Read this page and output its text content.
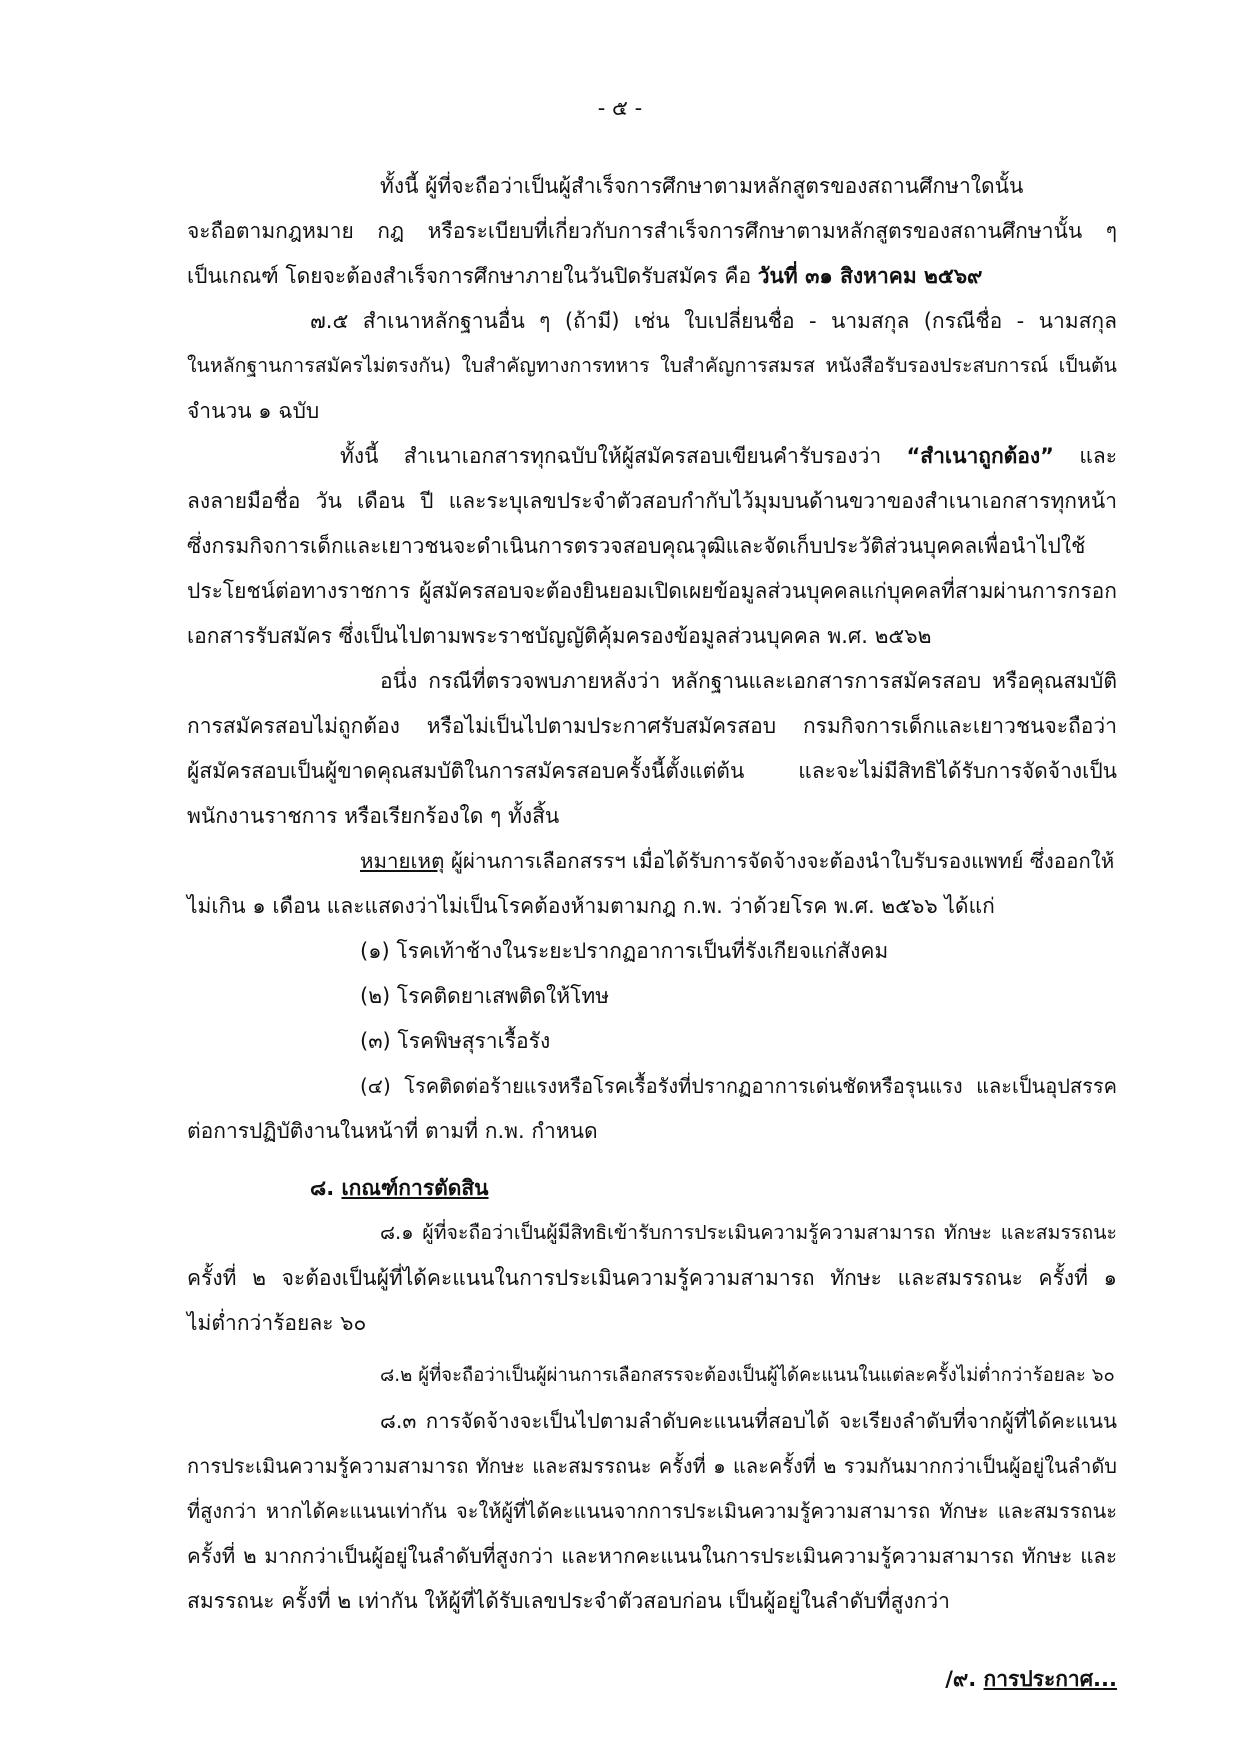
- ๕ -
ทั้งนี้ ผู้ที่จะถือว่าเป็นผู้สำเร็จการศึกษาตามหลักสูตรของสถานศึกษาใดนั้น
จะถือตามกฎหมาย กฎ หรือระเบียบที่เกี่ยวกับการสำเร็จการศึกษาตามหลักสูตรของสถานศึกษานั้น ๆ
เป็นเกณฑ์ โดยจะต้องสำเร็จการศึกษาภายในวันปิดรับสมัคร คือ วันที่ ๓๑ สิงหาคม ๒๕๖๙
๗.๕ สำเนาหลักฐานอื่น ๆ (ถ้ามี) เช่น ใบเปลี่ยนชื่อ - นามสกุล (กรณีชื่อ - นามสกุล
ในหลักฐานการสมัครไม่ตรงกัน) ใบสำคัญทางการทหาร ใบสำคัญการสมรส หนังสือรับรองประสบการณ์ เป็นต้น
จำนวน ๑ ฉบับ
ทั้งนี้ สำเนาเอกสารทุกฉบับให้ผู้สมัครสอบเขียนคำรับรองว่า “สำเนาถูกต้อง” และ
ลงลายมือชื่อ วัน เดือน ปี และระบุเลขประจำตัวสอบกำกับไว้มุมบนด้านขวาของสำเนาเอกสารทุกหน้า
ซึ่งกรมกิจการเด็กและเยาวชนจะดำเนินการตรวจสอบคุณวุฒิและจัดเก็บประวัติส่วนบุคคลเพื่อนำไปใช้
ประโยชน์ต่อทางราชการ ผู้สมัครสอบจะต้องยินยอมเปิดเผยข้อมูลส่วนบุคคลแก่บุคคลที่สามผ่านการกรอก
เอกสารรับสมัคร ซึ่งเป็นไปตามพระราชบัญญัติคุ้มครองข้อมูลส่วนบุคคล พ.ศ. ๒๕๖๒
อนึ่ง กรณีที่ตรวจพบภายหลังว่า หลักฐานและเอกสารการสมัครสอบ หรือคุณสมบัติ
การสมัครสอบไม่ถูกต้อง หรือไม่เป็นไปตามประกาศรับสมัครสอบ กรมกิจการเด็กและเยาวชนจะถือว่า
ผู้สมัครสอบเป็นผู้ขาดคุณสมบัติในการสมัครสอบครั้งนี้ตั้งแต่ต้น และจะไม่มีสิทธิได้รับการจัดจ้างเป็น
พนักงานราชการ หรือเรียกร้องใด ๆ ทั้งสิ้น
หมายเหตุ ผู้ผ่านการเลือกสรรฯ เมื่อได้รับการจัดจ้างจะต้องนำใบรับรองแพทย์ ซึ่งออกให้
ไม่เกิน ๑ เดือน และแสดงว่าไม่เป็นโรคต้องห้ามตามกฎ ก.พ. ว่าด้วยโรค พ.ศ. ๒๕๖๖ ได้แก่
(๑) โรคเท้าช้างในระยะปรากฏอาการเป็นที่รังเกียจแก่สังคม
(๒) โรคติดยาเสพติดให้โทษ
(๓) โรคพิษสุราเรื้อรัง
(๔) โรคติดต่อร้ายแรงหรือโรคเรื้อรังที่ปรากฏอาการเด่นชัดหรือรุนแรง และเป็นอุปสรรค
ต่อการปฏิบัติงานในหน้าที่ ตามที่ ก.พ. กำหนด
๘. เกณฑ์การตัดสิน
๘.๑ ผู้ที่จะถือว่าเป็นผู้มีสิทธิเข้ารับการประเมินความรู้ความสามารถ ทักษะ และสมรรถนะ
ครั้งที่ ๒ จะต้องเป็นผู้ที่ได้คะแนนในการประเมินความรู้ความสามารถ ทักษะ และสมรรถนะ ครั้งที่ ๑
ไม่ต่ำกว่าร้อยละ ๖๐
๘.๒ ผู้ที่จะถือว่าเป็นผู้ผ่านการเลือกสรรจะต้องเป็นผู้ได้คะแนนในแต่ละครั้งไม่ต่ำกว่าร้อยละ ๖๐
๘.๓ การจัดจ้างจะเป็นไปตามลำดับคะแนนที่สอบได้ จะเรียงลำดับที่จากผู้ที่ได้คะแนน
การประเมินความรู้ความสามารถ ทักษะ และสมรรถนะ ครั้งที่ ๑ และครั้งที่ ๒ รวมกันมากกว่าเป็นผู้อยู่ในลำดับ
ที่สูงกว่า หากได้คะแนนเท่ากัน จะให้ผู้ที่ได้คะแนนจากการประเมินความรู้ความสามารถ ทักษะ และสมรรถนะ
ครั้งที่ ๒ มากกว่าเป็นผู้อยู่ในลำดับที่สูงกว่า และหากคะแนนในการประเมินความรู้ความสามารถ ทักษะ และ
สมรรถนะ ครั้งที่ ๒ เท่ากัน ให้ผู้ที่ได้รับเลขประจำตัวสอบก่อน เป็นผู้อยู่ในลำดับที่สูงกว่า
/๙. การประกาศ...
